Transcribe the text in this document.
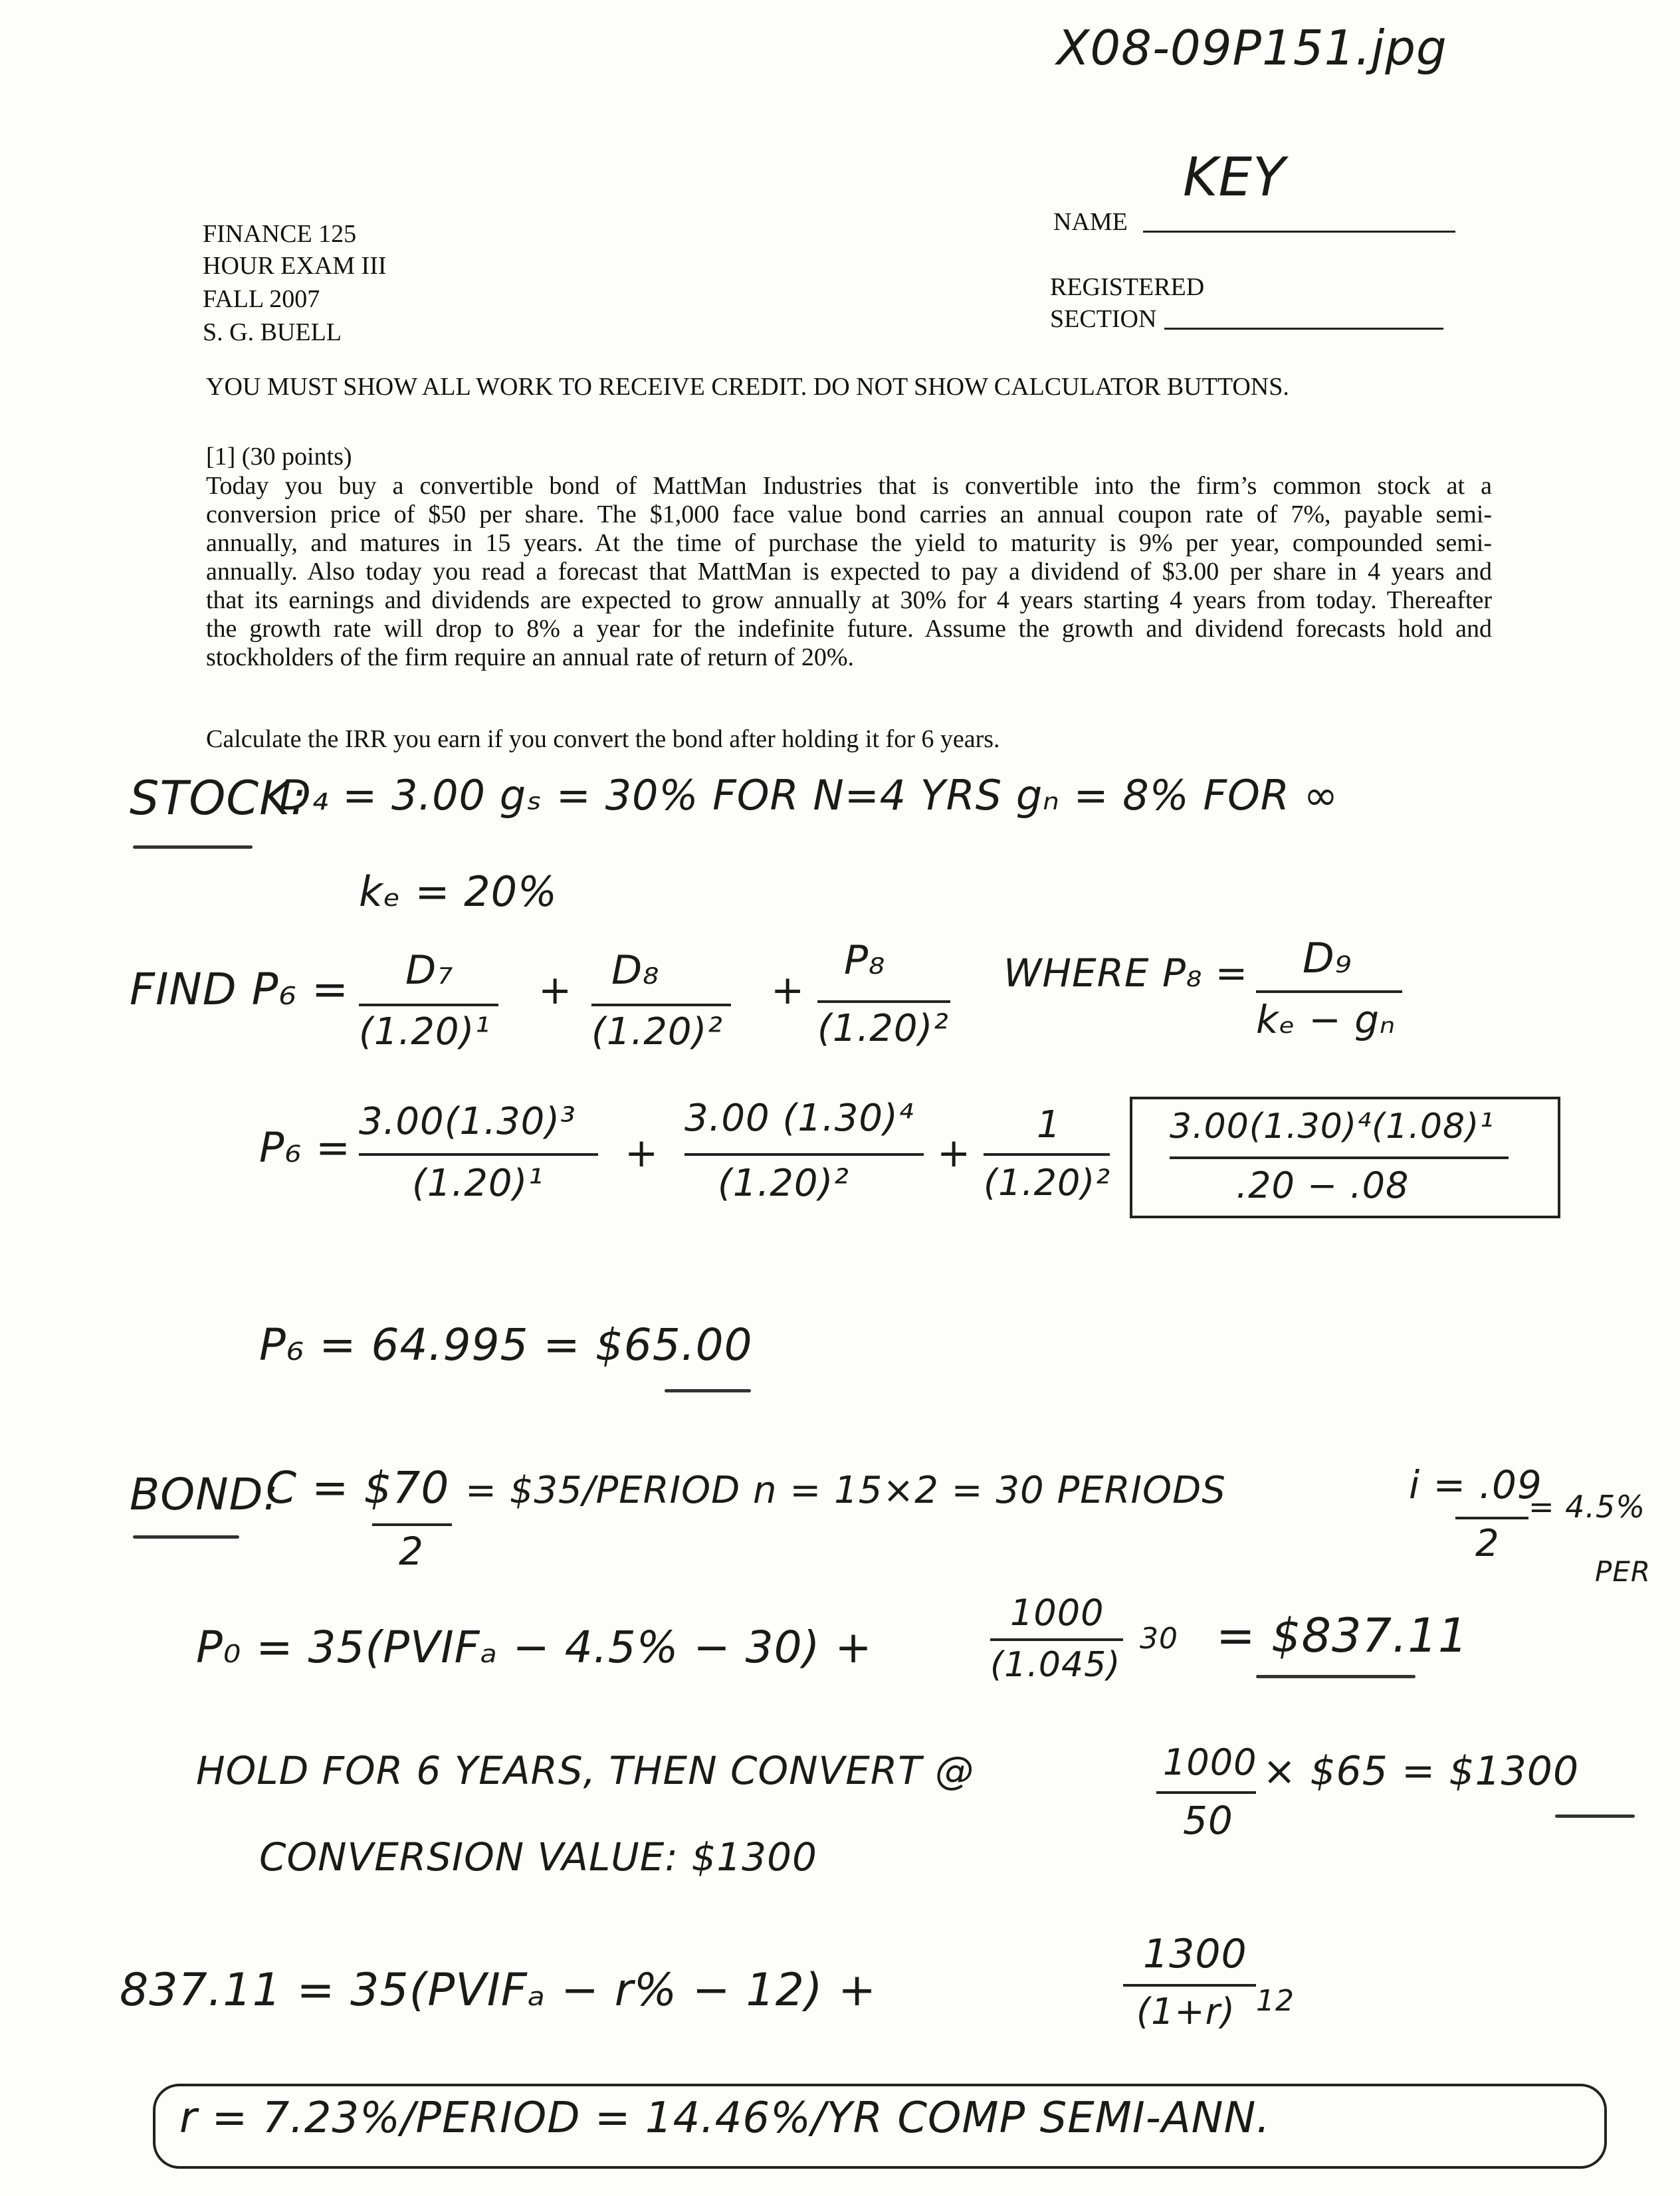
X08-09P151.jpg
KEY
FINANCE 125
HOUR EXAM III
FALL 2007
S. G. BUELL
NAME
REGISTERED
SECTION
YOU MUST SHOW ALL WORK TO RECEIVE CREDIT. DO NOT SHOW CALCULATOR BUTTONS.
[1] (30 points)
Today you buy a convertible bond of MattMan Industries that is convertible into the firm’s common stock at a
conversion price of $50 per share. The $1,000 face value bond carries an annual coupon rate of 7%, payable semi-
annually, and matures in 15 years. At the time of purchase the yield to maturity is 9% per year, compounded semi-
annually. Also today you read a forecast that MattMan is expected to pay a dividend of $3.00 per share in 4 years and
that its earnings and dividends are expected to grow annually at 30% for 4 years starting 4 years from today. Thereafter
the growth rate will drop to 8% a year for the indefinite future. Assume the growth and dividend forecasts hold and
stockholders of the firm require an annual rate of return of 20%.
Calculate the IRR you earn if you convert the bond after holding it for 6 years.
STOCK:
D₄ = 3.00 gₛ = 30% FOR N=4 YRS gₙ = 8% FOR ∞
kₑ = 20%
FIND P₆ = D₇
(1.20)¹
+ D₈
(1.20)²
+
P₈
(1.20)²
WHERE P₈ = D₉
kₑ − gₙ
P₆ =
3.00(1.30)³
(1.20)¹
+
3.00 (1.30)⁴
(1.20)²
+
1
(1.20)²
3.00(1.30)⁴(1.08)¹
.20 − .08
P₆ = 64.995 = $65.00
BOND:
C = $70
2
= $35/PERIOD n = 15×2 = 30 PERIODS	i = .09
2
= 4.5%
PER
P₀ = 35(PVIFₐ − 4.5% − 30) +
1000
(1.045)
30 = $837.11
HOLD FOR 6 YEARS, THEN CONVERT @	1000
50
× $65 = $1300
CONVERSION VALUE: $1300
837.11 = 35(PVIFₐ − r% − 12) +
1300
(1+r) 12
r = 7.23%/PERIOD = 14.46%/YR COMP SEMI-ANN.
